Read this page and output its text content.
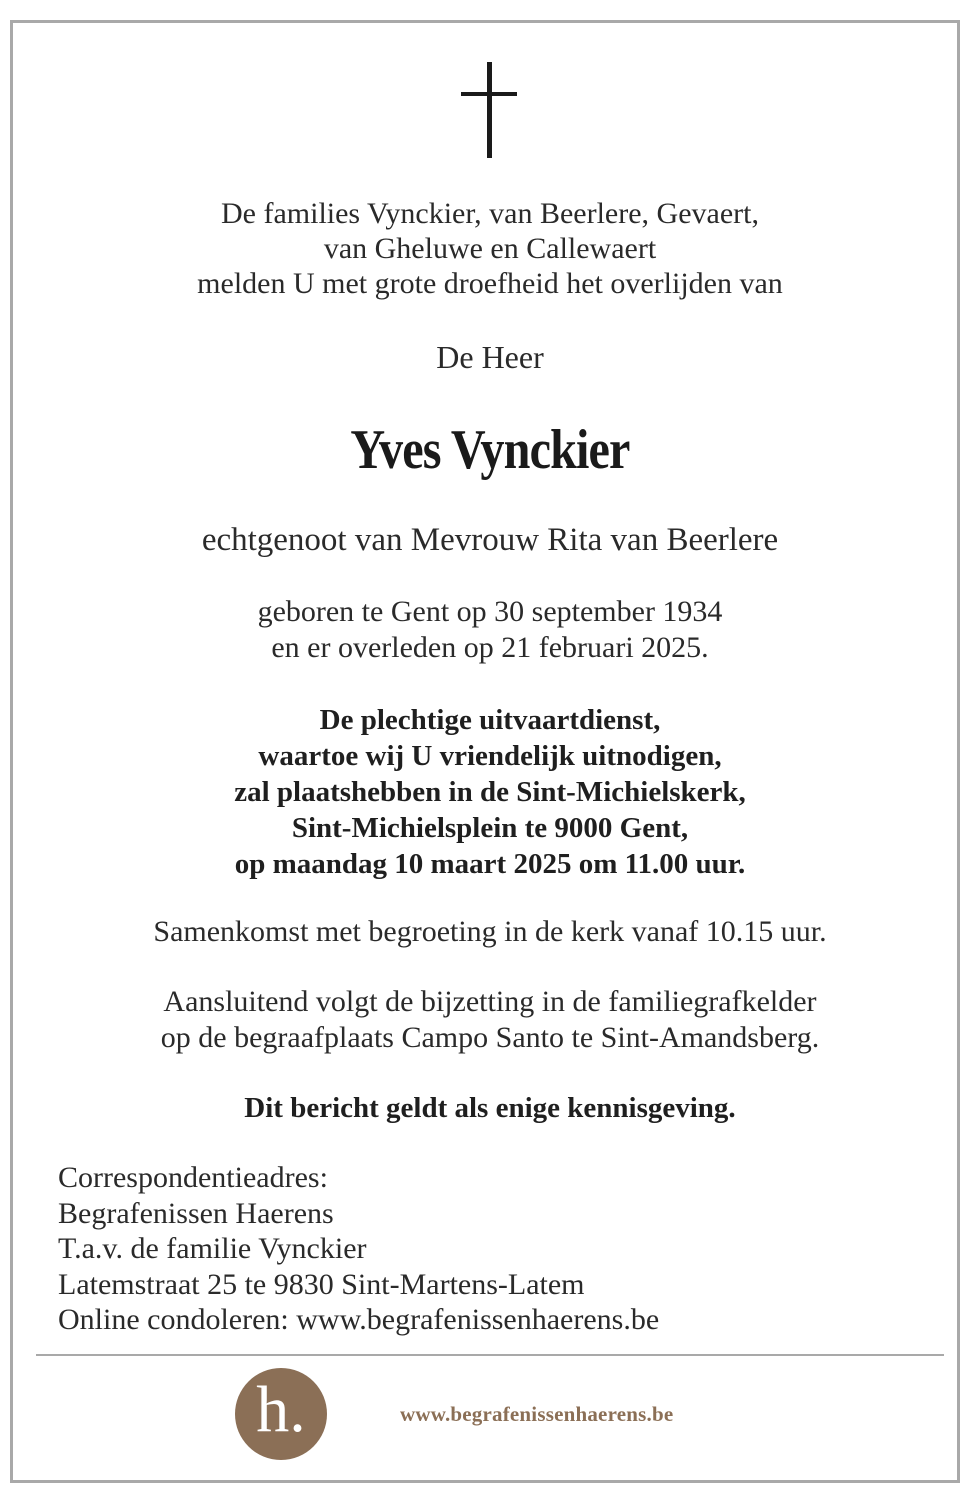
De families Vynckier, van Beerlere, Gevaert,
van Gheluwe en Callewaert
melden U met grote droefheid het overlijden van
De Heer
Yves Vynckier
echtgenoot van Mevrouw Rita van Beerlere
geboren te Gent op 30 september 1934
en er overleden op 21 februari 2025.
De plechtige uitvaartdienst,
waartoe wij U vriendelijk uitnodigen,
zal plaatshebben in de Sint-Michielskerk,
Sint-Michielsplein te 9000 Gent,
op maandag 10 maart 2025 om 11.00 uur.
Samenkomst met begroeting in de kerk vanaf 10.15 uur.
Aansluitend volgt de bijzetting in de familiegrafkelder
op de begraafplaats Campo Santo te Sint-Amandsberg.
Dit bericht geldt als enige kennisgeving.
Correspondentieadres:
Begrafenissen Haerens
T.a.v. de familie Vynckier
Latemstraat 25 te 9830 Sint-Martens-Latem
Online condoleren: www.begrafenissenhaerens.be
h.	www.begrafenissenhaerens.be
